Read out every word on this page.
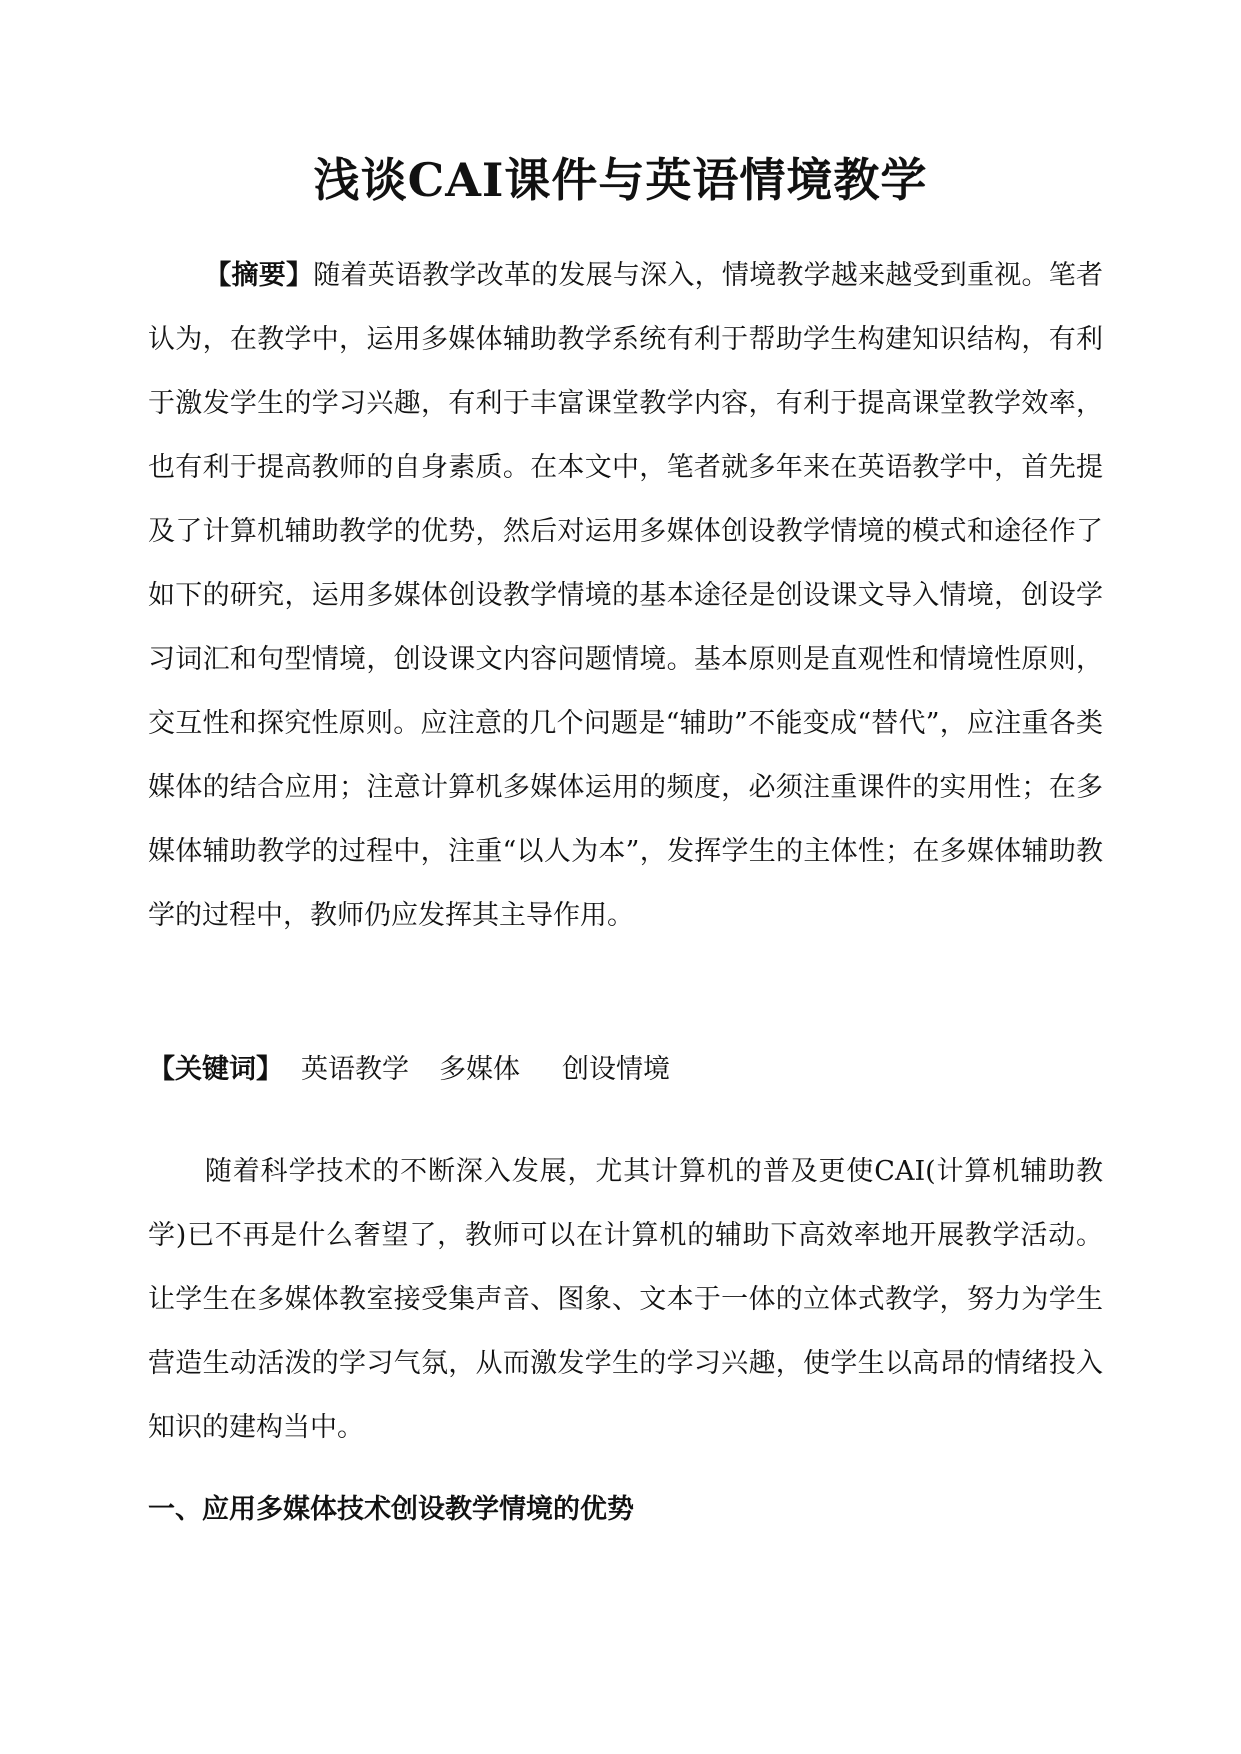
浅谈CAI课件与英语情境教学
【摘要】随着英语教学改革的发展与深入，情境教学越来越受到重视。笔者认为，在教学中，运用多媒体辅助教学系统有利于帮助学生构建知识结构，有利于激发学生的学习兴趣，有利于丰富课堂教学内容，有利于提高课堂教学效率，也有利于提高教师的自身素质。在本文中，笔者就多年来在英语教学中，首先提及了计算机辅助教学的优势，然后对运用多媒体创设教学情境的模式和途径作了如下的研究，运用多媒体创设教学情境的基本途径是创设课文导入情境，创设学习词汇和句型情境，创设课文内容问题情境。基本原则是直观性和情境性原则，交互性和探究性原则。应注意的几个问题是“辅助”不能变成“替代”，应注重各类媒体的结合应用；注意计算机多媒体运用的频度，必须注重课件的实用性；在多媒体辅助教学的过程中，注重“以人为本”，发挥学生的主体性；在多媒体辅助教学的过程中，教师仍应发挥其主导作用。
【关键词】 英语教学 多媒体 创设情境
随着科学技术的不断深入发展，尤其计算机的普及更使CAI(计算机辅助教学)已不再是什么奢望了，教师可以在计算机的辅助下高效率地开展教学活动。让学生在多媒体教室接受集声音、图象、文本于一体的立体式教学，努力为学生营造生动活泼的学习气氛，从而激发学生的学习兴趣，使学生以高昂的情绪投入知识的建构当中。
一、应用多媒体技术创设教学情境的优势
